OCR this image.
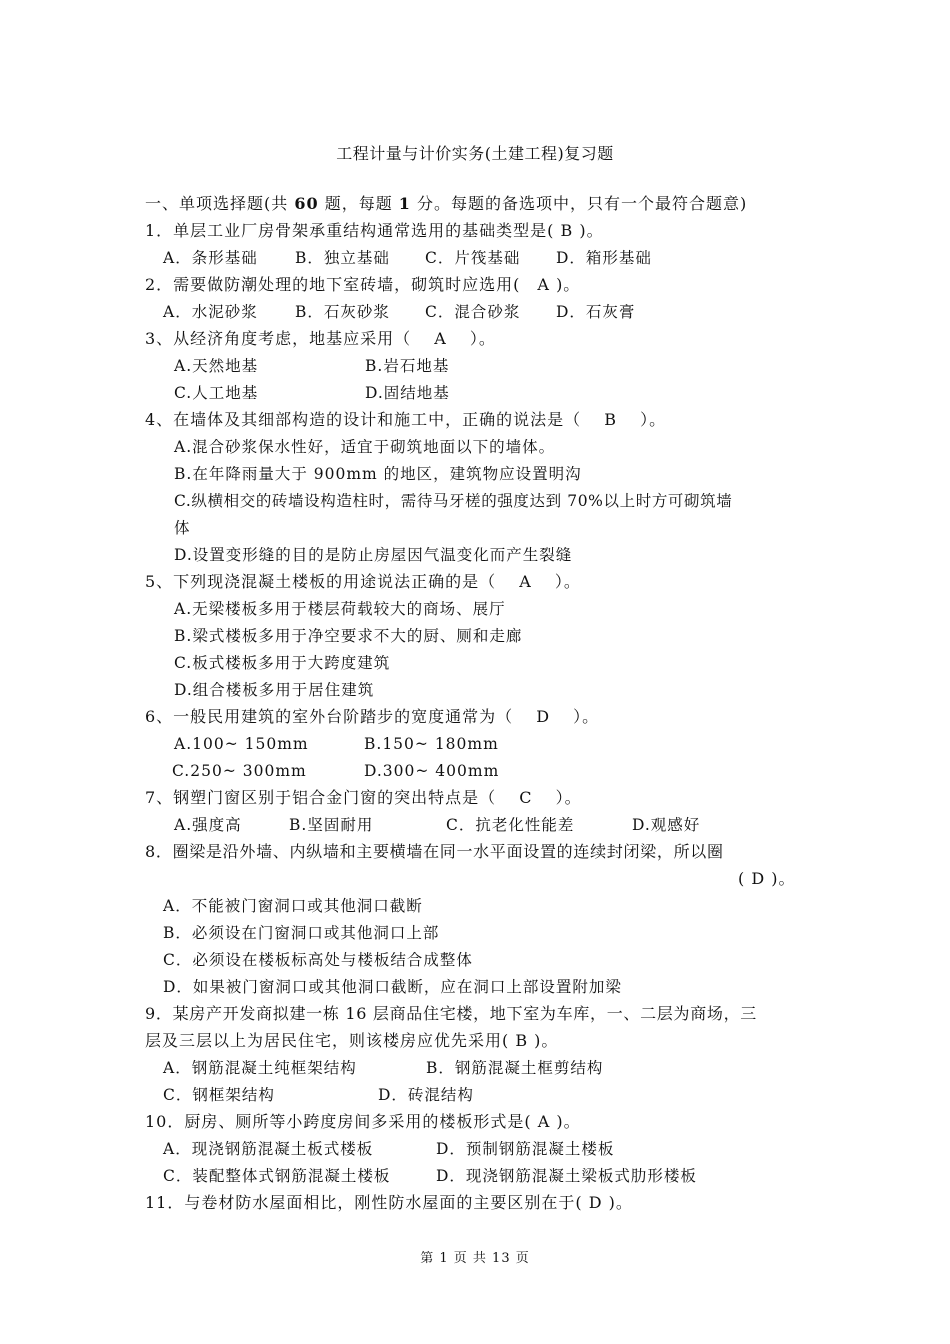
工程计量与计价实务(土建工程)复习题
一、单项选择题(共 60 题，每题 1 分。每题的备选项中，只有一个最符合题意)
1．单层工业厂房骨架承重结构通常选用的基础类型是( B )。
A．条形基础 B．独立基础 C．片筏基础 D．箱形基础
2．需要做防潮处理的地下室砖墙，砌筑时应选用(　A )。
A．水泥砂浆 B．石灰砂浆 C．混合砂浆 D．石灰膏
3、从经济角度考虑，地基应采用（　 A　 ）。
A.天然地基	B.岩石地基
C.人工地基	D.固结地基
4、在墙体及其细部构造的设计和施工中，正确的说法是（　 B　 ）。
A.混合砂浆保水性好，适宜于砌筑地面以下的墙体。
B.在年降雨量大于 900mm 的地区，建筑物应设置明沟
C.纵横相交的砖墙设构造柱时，需待马牙槎的强度达到 70%以上时方可砌筑墙
体
D.设置变形缝的目的是防止房屋因气温变化而产生裂缝
5、下列现浇混凝土楼板的用途说法正确的是（　 A　 ）。
A.无梁楼板多用于楼层荷载较大的商场、展厅
B.梁式楼板多用于净空要求不大的厨、厕和走廊
C.板式楼板多用于大跨度建筑
D.组合楼板多用于居住建筑
6、一般民用建筑的室外台阶踏步的宽度通常为（　 D　 ）。
A.100~ 150mm	B.150~ 180mm
C.250~ 300mm	D.300~ 400mm
7、钢塑门窗区别于铝合金门窗的突出特点是（　 C　 ）。
A.强度高	B.坚固耐用	C．抗老化性能差	D.观感好
8．圈梁是沿外墙、内纵墙和主要横墙在同一水平面设置的连续封闭梁，所以圈
( D )。
A．不能被门窗洞口或其他洞口截断
B．必须设在门窗洞口或其他洞口上部
C．必须设在楼板标高处与楼板结合成整体
D．如果被门窗洞口或其他洞口截断，应在洞口上部设置附加梁
9．某房产开发商拟建一栋 16 层商品住宅楼，地下室为车库，一、二层为商场，三
层及三层以上为居民住宅，则该楼房应优先采用( B )。
A．钢筋混凝土纯框架结构	B．钢筋混凝土框剪结构
C．钢框架结构	D．砖混结构
10．厨房、厕所等小跨度房间多采用的楼板形式是( A )。
A．现浇钢筋混凝土板式楼板	D．预制钢筋混凝土楼板
C．装配整体式钢筋混凝土楼板	D．现浇钢筋混凝土梁板式肋形楼板
11．与卷材防水屋面相比，刚性防水屋面的主要区别在于( D )。
第 1 页 共 13 页
